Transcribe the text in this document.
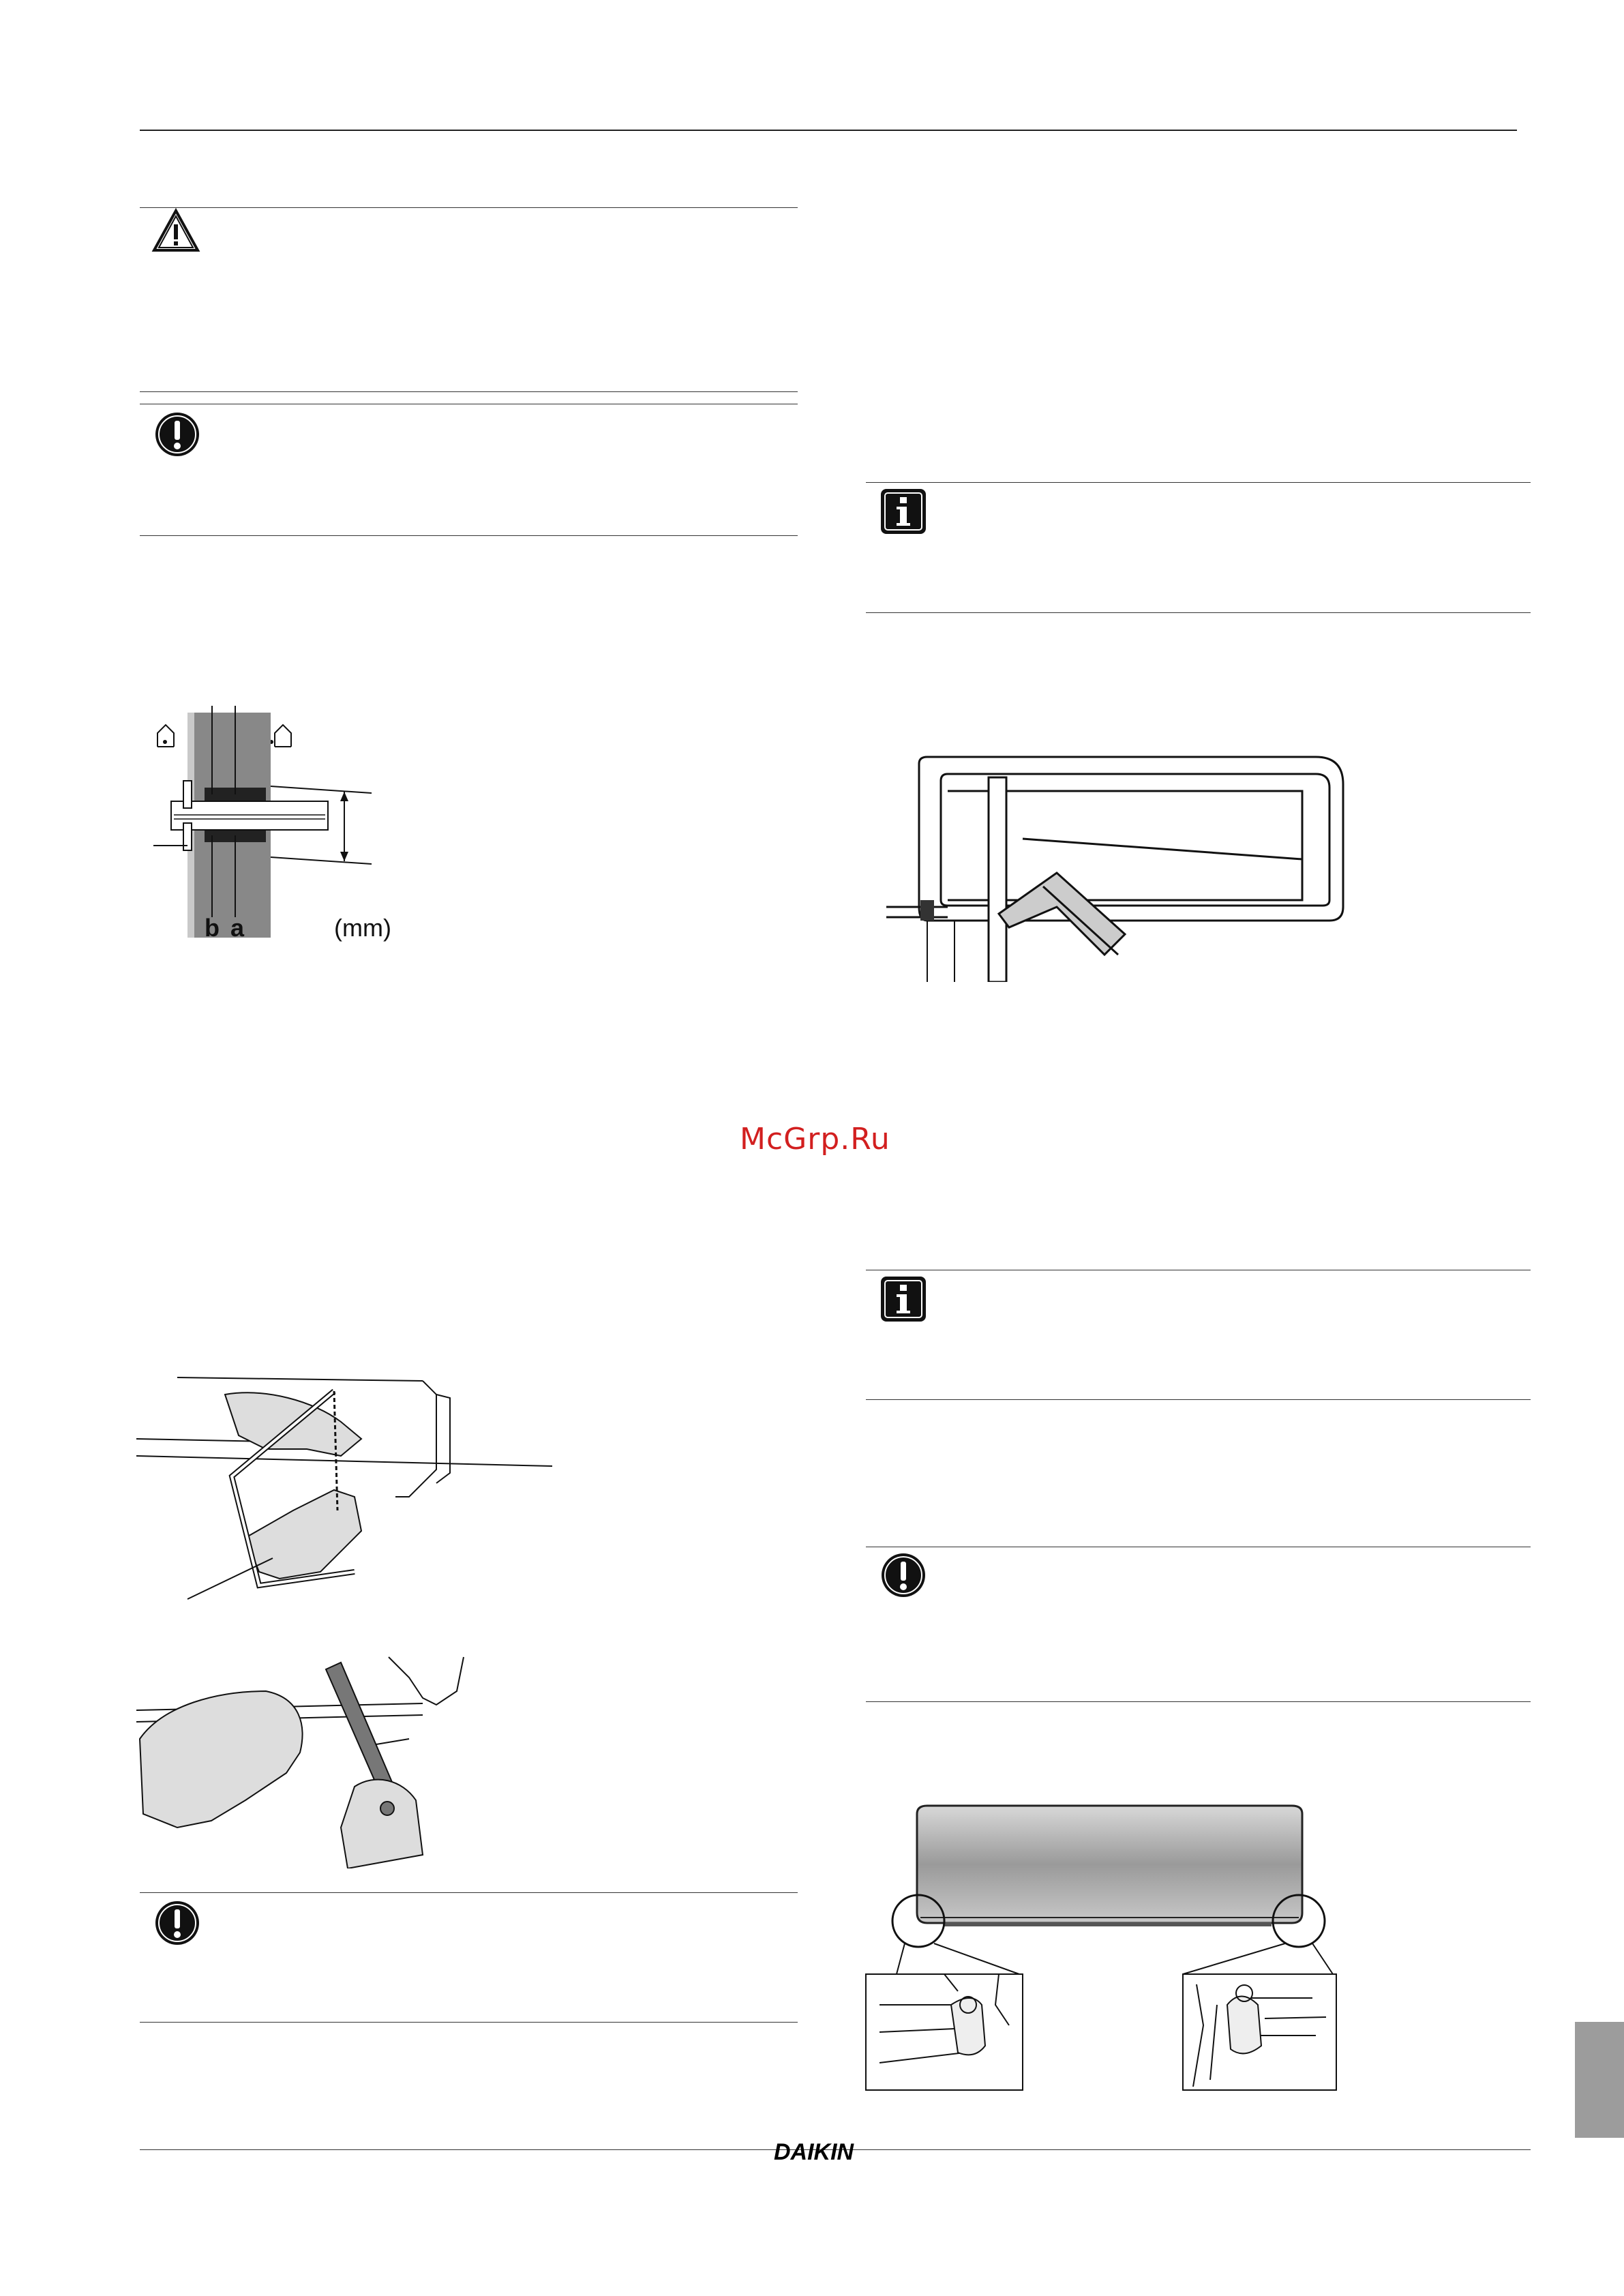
b a	(mm)
McGrp.Ru
DAIKIN
